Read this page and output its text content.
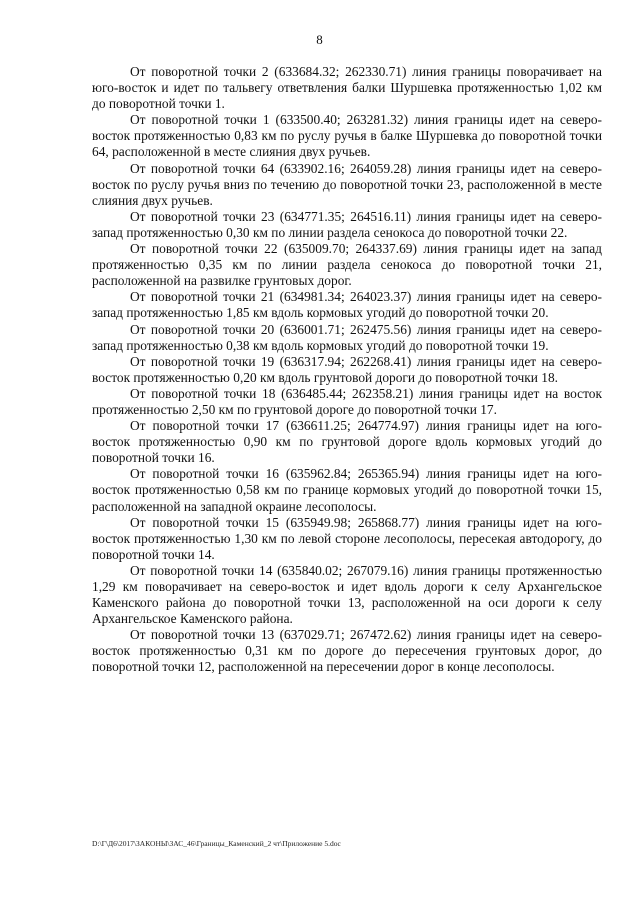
8

От поворотной точки 2 (633684.32; 262330.71) линия границы поворачивает на юго-восток и идет по тальвегу ответвления балки Шуршевка протяженностью 1,02 км до поворотной точки 1.

От поворотной точки 1 (633500.40; 263281.32) линия границы идет на северо-восток протяженностью 0,83 км по руслу ручья в балке Шуршевка до поворотной точки 64, расположенной в месте слияния двух ручьев.

От поворотной точки 64 (633902.16; 264059.28) линия границы идет на северо-восток по руслу ручья вниз по течению до поворотной точки 23, расположенной в месте слияния двух ручьев.

От поворотной точки 23 (634771.35; 264516.11) линия границы идет на северо-запад протяженностью 0,30 км по линии раздела сенокоса до поворотной точки 22.

От поворотной точки 22 (635009.70; 264337.69) линия границы идет на запад протяженностью 0,35 км по линии раздела сенокоса до поворотной точки 21, расположенной на развилке грунтовых дорог.

От поворотной точки 21 (634981.34; 264023.37) линия границы идет на северо-запад протяженностью 1,85 км вдоль кормовых угодий до поворотной точки 20.

От поворотной точки 20 (636001.71; 262475.56) линия границы идет на северо-запад протяженностью 0,38 км вдоль кормовых угодий до поворотной точки 19.

От поворотной точки 19 (636317.94; 262268.41) линия границы идет на северо-восток протяженностью 0,20 км вдоль грунтовой дороги до поворотной точки 18.

От поворотной точки 18 (636485.44; 262358.21) линия границы идет на восток протяженностью 2,50 км по грунтовой дороге до поворотной точки 17.

От поворотной точки 17 (636611.25; 264774.97) линия границы идет на юго-восток протяженностью 0,90 км по грунтовой дороге вдоль кормовых угодий до поворотной точки 16.

От поворотной точки 16 (635962.84; 265365.94) линия границы идет на юго-восток протяженностью 0,58 км по границе кормовых угодий до поворотной точки 15, расположенной на западной окраине лесополосы.

От поворотной точки 15 (635949.98; 265868.77) линия границы идет на юго-восток протяженностью 1,30 км по левой стороне лесополосы, пересекая автодорогу, до поворотной точки 14.

От поворотной точки 14 (635840.02; 267079.16) линия границы протяженностью 1,29 км поворачивает на северо-восток и идет вдоль дороги к селу Архангельское Каменского района до поворотной точки 13, расположенной на оси дороги к селу Архангельское Каменского района.

От поворотной точки 13 (637029.71; 267472.62) линия границы идет на северо-восток протяженностью 0,31 км по дороге до пересечения грунтовых дорог, до поворотной точки 12, расположенной на пересечении дорог в конце лесополосы.

D:\Г\Д6\2017\ЗАКОНЫ\ЗАС_46\Границы_Каменский_2 чт\Приложение 5.doc
